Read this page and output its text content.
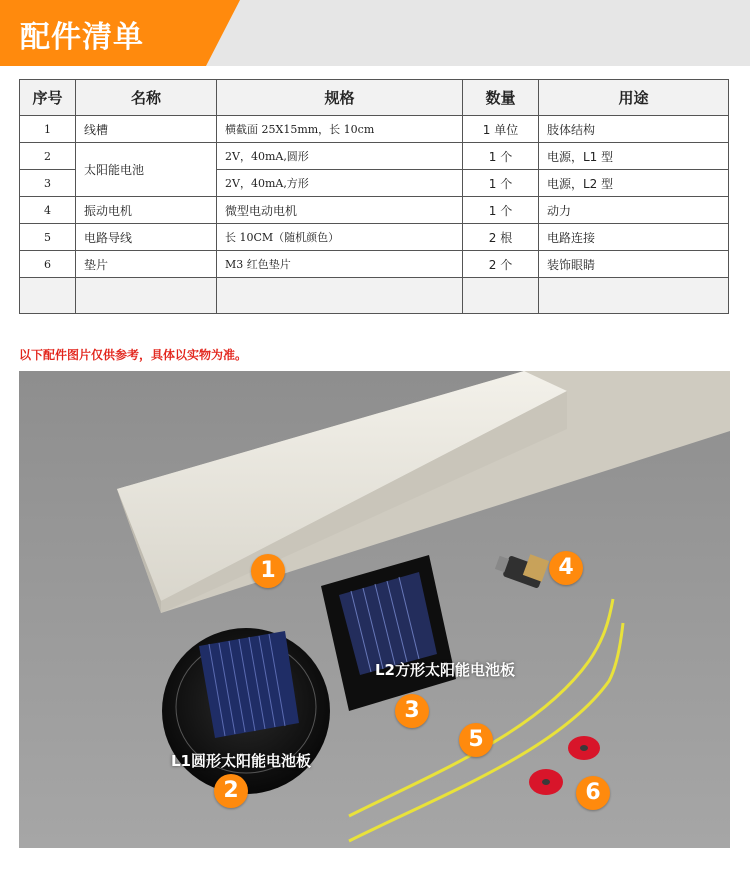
配件清单
序号	名称	规格	数量	用途
1	线槽	横截面 25X15mm，长 10cm	1 单位	肢体结构
2	太阳能电池	2V，40mA,圆形	1 个	电源，L1 型
3		2V，40mA,方形	1 个	电源，L2 型
4	振动电机	微型电动电机	1 个	动力
5	电路导线	长 10CM（随机颜色）	2 根	电路连接
6	垫片	M3 红色垫片	2 个	装饰眼睛

以下配件图片仅供参考，具体以实物为准。
L2方形太阳能电池板
L1圆形太阳能电池板
1
2
3
4
5
6
